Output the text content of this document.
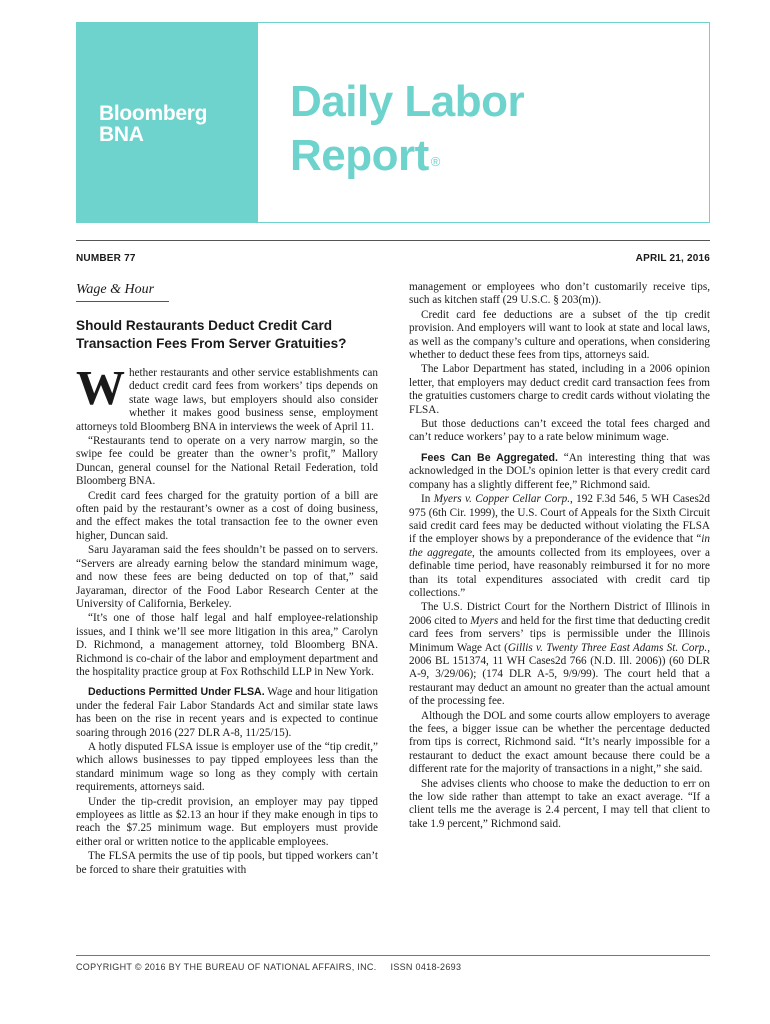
Bloomberg
BNA
Daily Labor
Report ®
NUMBER 77	APRIL 21, 2016
Wage & Hour
Should Restaurants Deduct Credit Card
Transaction Fees From Server Gratuities?

Whether restaurants and other service establishments can deduct credit card fees from workers’ tips depends on state wage laws, but employers should also consider whether it makes good business sense, employment attorneys told Bloomberg BNA in interviews the week of April 11.

“Restaurants tend to operate on a very narrow margin, so the swipe fee could be greater than the owner’s profit,” Mallory Duncan, general counsel for the National Retail Federation, told Bloomberg BNA.

Credit card fees charged for the gratuity portion of a bill are often paid by the restaurant’s owner as a cost of doing business, and the effect makes the total transaction fee to the owner even higher, Duncan said.

Saru Jayaraman said the fees shouldn’t be passed on to servers. “Servers are already earning below the standard minimum wage, and now these fees are being deducted on top of that,” said Jayaraman, director of the Food Labor Research Center at the University of California, Berkeley.

“It’s one of those half legal and half employee-relationship issues, and I think we’ll see more litigation in this area,” Carolyn D. Richmond, a management attorney, told Bloomberg BNA. Richmond is co-chair of the labor and employment department and the hospitality practice group at Fox Rothschild LLP in New York.

Deductions Permitted Under FLSA. Wage and hour litigation under the federal Fair Labor Standards Act and similar state laws has been on the rise in recent years and is expected to continue soaring through 2016 (227 DLR A-8, 11/25/15).

A hotly disputed FLSA issue is employer use of the “tip credit,” which allows businesses to pay tipped employees less than the standard minimum wage so long as they comply with certain requirements, attorneys said.

Under the tip-credit provision, an employer may pay tipped employees as little as $2.13 an hour if they make enough in tips to reach the $7.25 minimum wage. But employers must provide either oral or written notice to the applicable employees.

The FLSA permits the use of tip pools, but tipped workers can’t be forced to share their gratuities with

management or employees who don’t customarily receive tips, such as kitchen staff (29 U.S.C. § 203(m)).

Credit card fee deductions are a subset of the tip credit provision. And employers will want to look at state and local laws, as well as the company’s culture and operations, when considering whether to deduct these fees from tips, attorneys said.

The Labor Department has stated, including in a 2006 opinion letter, that employers may deduct credit card transaction fees from the gratuities customers charge to credit cards without violating the FLSA.

But those deductions can’t exceed the total fees charged and can’t reduce workers’ pay to a rate below minimum wage.

Fees Can Be Aggregated. “An interesting thing that was acknowledged in the DOL’s opinion letter is that every credit card company has a slightly different fee,” Richmond said.

In Myers v. Copper Cellar Corp., 192 F.3d 546, 5 WH Cases2d 975 (6th Cir. 1999), the U.S. Court of Appeals for the Sixth Circuit said credit card fees may be deducted without violating the FLSA if the employer shows by a preponderance of the evidence that “in the aggregate, the amounts collected from its employees, over a definable time period, have reasonably reimbursed it for no more than its total expenditures associated with credit card tip collections.”

The U.S. District Court for the Northern District of Illinois in 2006 cited to Myers and held for the first time that deducting credit card fees from servers’ tips is permissible under the Illinois Minimum Wage Act (Gillis v. Twenty Three East Adams St. Corp., 2006 BL 151374, 11 WH Cases2d 766 (N.D. Ill. 2006)) (60 DLR A-9, 3/29/06); (174 DLR A-5, 9/9/99). The court held that a restaurant may deduct an amount no greater than the actual amount of the processing fee.

Although the DOL and some courts allow employers to average the fees, a bigger issue can be whether the percentage deducted from tips is correct, Richmond said. “It’s nearly impossible for a restaurant to deduct the exact amount because there could be a different rate for the majority of transactions in a night,” she said.

She advises clients who choose to make the deduction to err on the low side rather than attempt to take an exact average. “If a client tells me the average is 2.4 percent, I may tell that client to take 1.9 percent,” Richmond said.

COPYRIGHT © 2016 BY THE BUREAU OF NATIONAL AFFAIRS, INC. ISSN 0418-2693
